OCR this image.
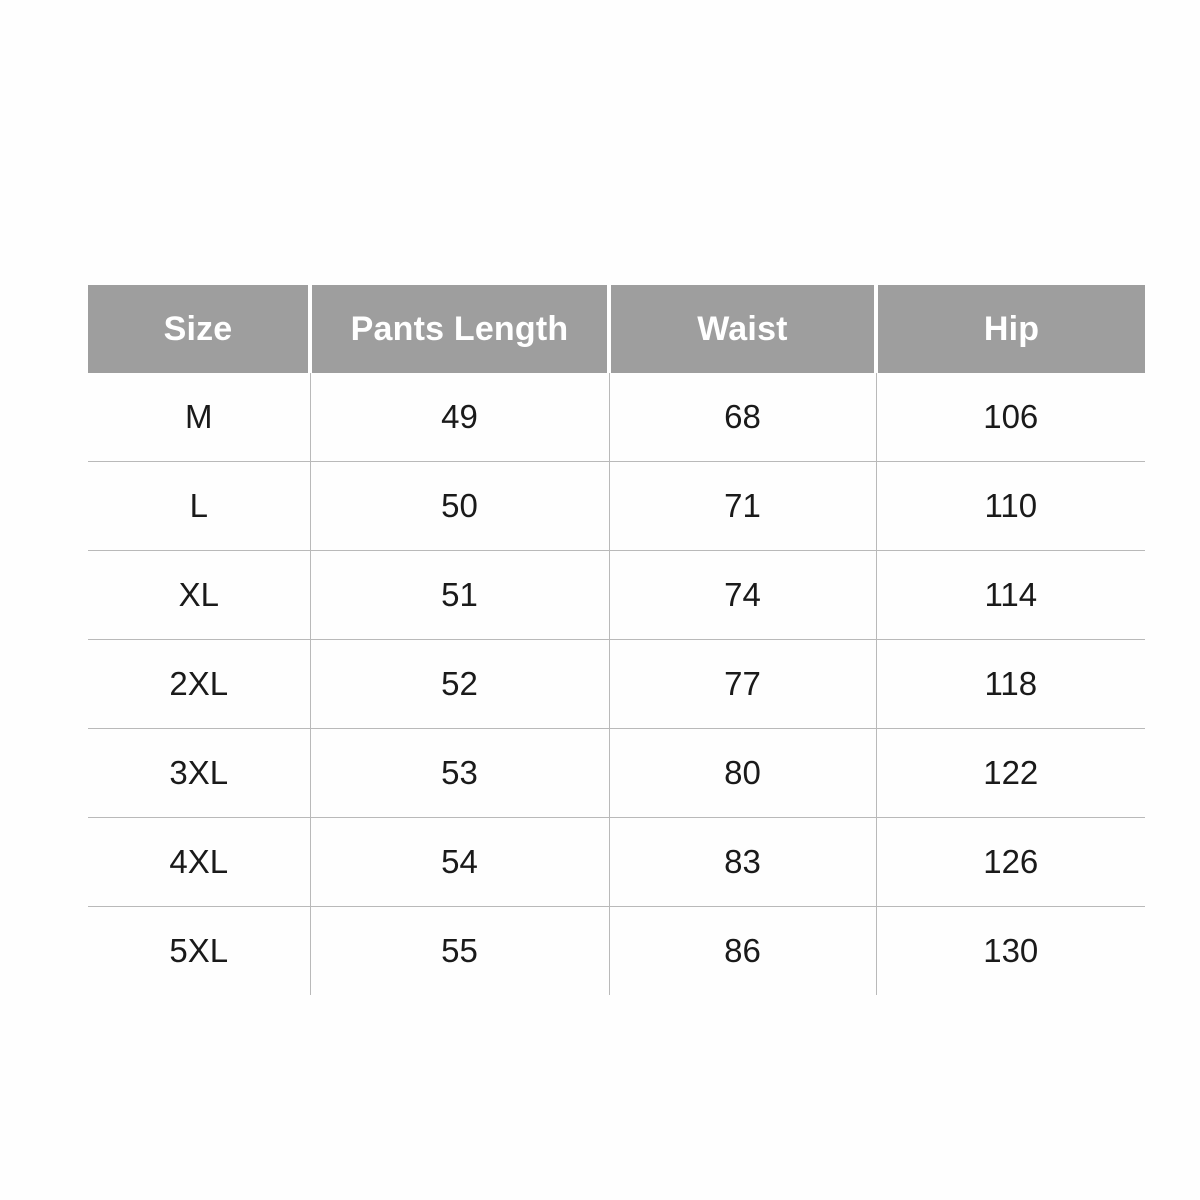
Size	Pants Length	Waist	Hip
M	49	68	106
L	50	71	110
XL	51	74	114
2XL	52	77	118
3XL	53	80	122
4XL	54	83	126
5XL	55	86	130
